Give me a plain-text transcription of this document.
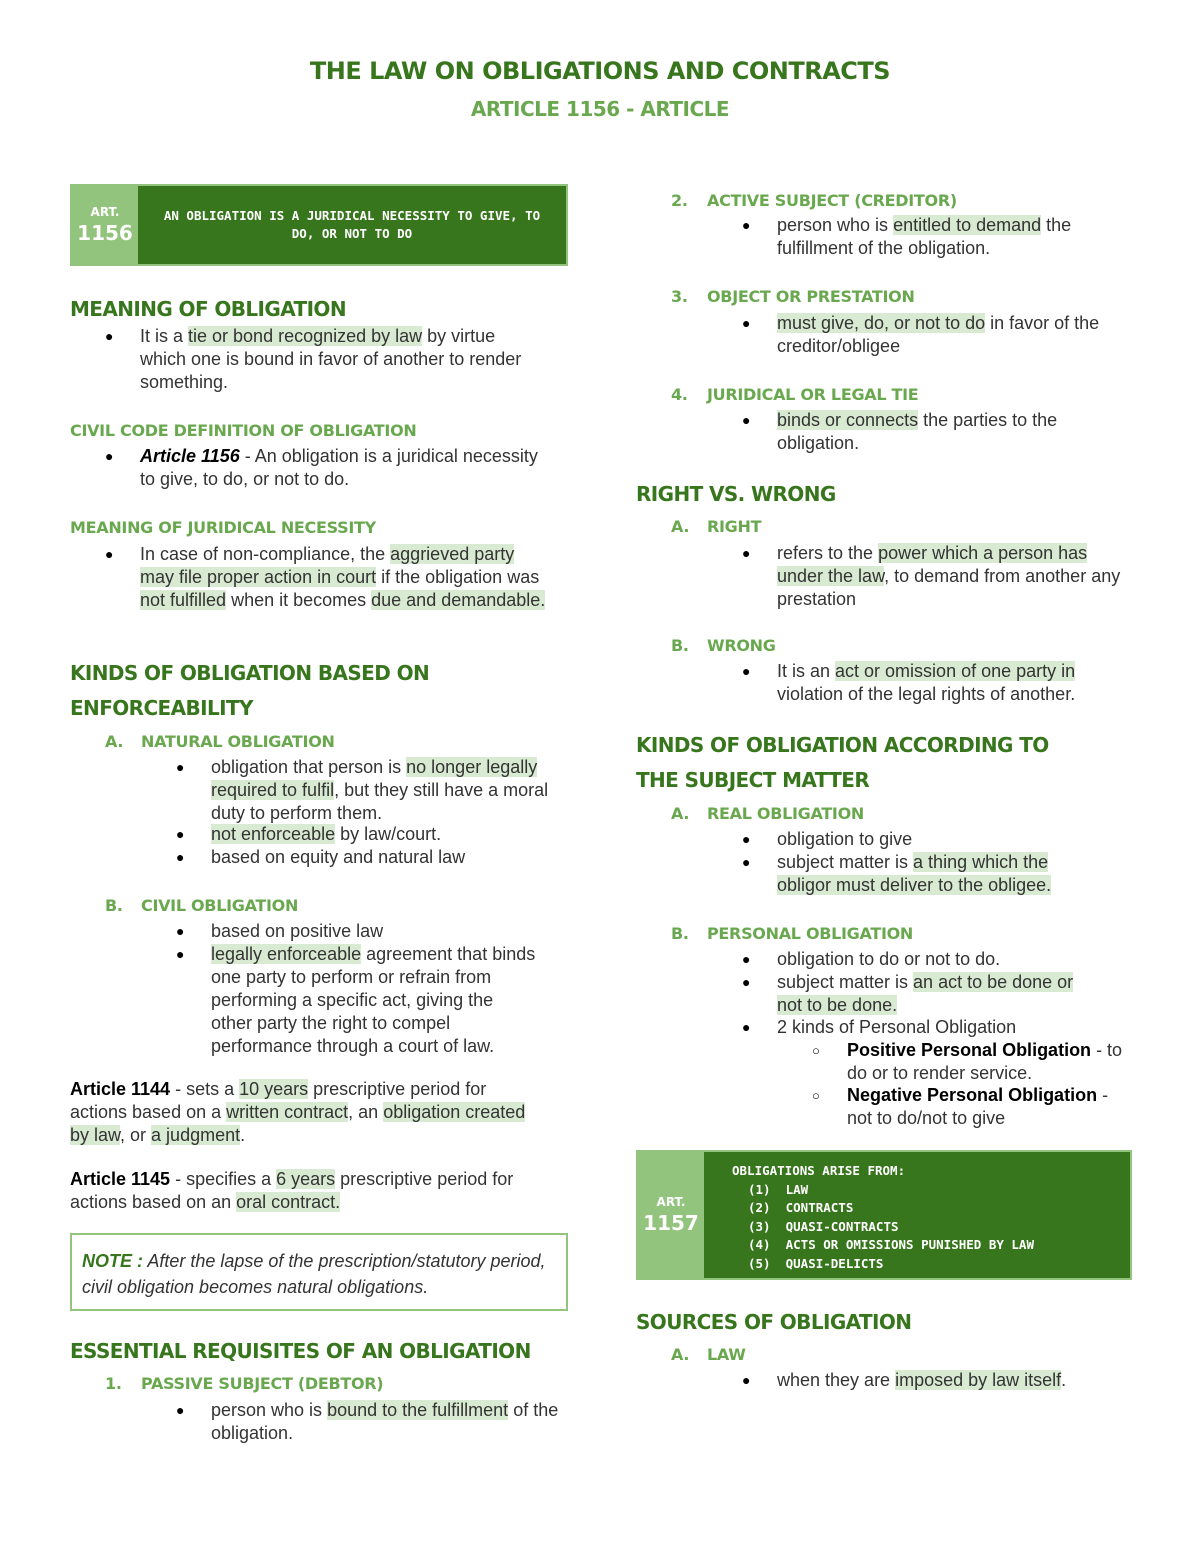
THE LAW ON OBLIGATIONS AND CONTRACTS
ARTICLE 1156 - ARTICLE
ART.
1156
AN OBLIGATION IS A JURIDICAL NECESSITY TO GIVE, TO DO, OR NOT TO DO
MEANING OF OBLIGATION
● It is a tie or bond recognized by law by virtue which one is bound in favor of another to render something.
CIVIL CODE DEFINITION OF OBLIGATION
● Article 1156 - An obligation is a juridical necessity to give, to do, or not to do.
MEANING OF JURIDICAL NECESSITY
● In case of non-compliance, the aggrieved party may file proper action in court if the obligation was not fulfilled when it becomes due and demandable.
KINDS OF OBLIGATION BASED ON
ENFORCEABILITY
A. NATURAL OBLIGATION
● obligation that person is no longer legally required to fulfil, but they still have a moral duty to perform them.
● not enforceable by law/court.
● based on equity and natural law
B. CIVIL OBLIGATION
● based on positive law
● legally enforceable agreement that binds one party to perform or refrain from performing a specific act, giving the other party the right to compel performance through a court of law.
Article 1144 - sets a 10 years prescriptive period for actions based on a written contract, an obligation created by law, or a judgment.
Article 1145 - specifies a 6 years prescriptive period for actions based on an oral contract.
NOTE : After the lapse of the prescription/statutory period, civil obligation becomes natural obligations.
ESSENTIAL REQUISITES OF AN OBLIGATION
1. PASSIVE SUBJECT (DEBTOR)
● person who is bound to the fulfillment of the obligation.
2. ACTIVE SUBJECT (CREDITOR)
● person who is entitled to demand the fulfillment of the obligation.
3. OBJECT OR PRESTATION
● must give, do, or not to do in favor of the creditor/obligee
4. JURIDICAL OR LEGAL TIE
● binds or connects the parties to the obligation.
RIGHT VS. WRONG
A. RIGHT
● refers to the power which a person has under the law, to demand from another any prestation
B. WRONG
● It is an act or omission of one party in violation of the legal rights of another.
KINDS OF OBLIGATION ACCORDING TO
THE SUBJECT MATTER
A. REAL OBLIGATION
● obligation to give
● subject matter is a thing which the obligor must deliver to the obligee.
B. PERSONAL OBLIGATION
● obligation to do or not to do.
● subject matter is an act to be done or not to be done.
● 2 kinds of Personal Obligation
○ Positive Personal Obligation - to do or to render service.
○ Negative Personal Obligation - not to do/not to give
ART.
1157
OBLIGATIONS ARISE FROM:
(1)  LAW
(2)  CONTRACTS
(3)  QUASI-CONTRACTS
(4)  ACTS OR OMISSIONS PUNISHED BY LAW
(5)  QUASI-DELICTS
SOURCES OF OBLIGATION
A. LAW
● when they are imposed by law itself.
